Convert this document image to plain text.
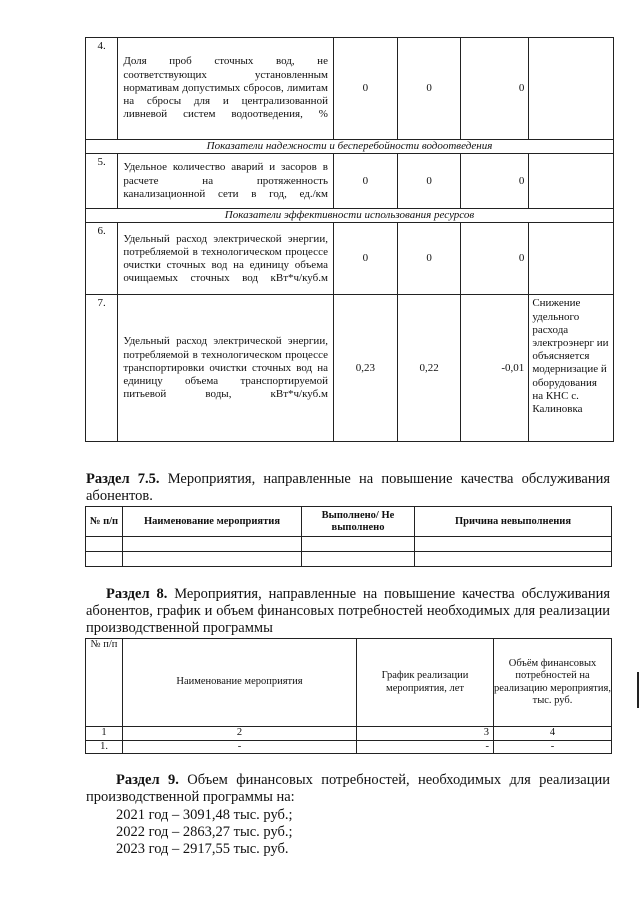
4.	Доля проб сточных вод, не соответствующих установленным нормативам допустимых сбросов, лимитам на сбросы для и централизованной ливневой систем водоотведения, %	0	0	0	
Показатели надежности и бесперебойности водоотведения					
5.	Удельное количество аварий и засоров в расчете на протяженность канализационной сети в год, ед./км	0	0	0	
Показатели эффективности использования ресурсов					
6.	Удельный расход электрической энергии, потребляемой в технологическом процессе очистки сточных вод на единицу объема очищаемых сточных вод кВт*ч/куб.м	0	0	0	
7.	Удельный расход электрической энергии, потребляемой в технологическом процессе транспортировки очистки сточных вод на единицу объема транспортируемой питьевой воды, кВт*ч/куб.м	0,23	0,22	-0,01	Снижение удельного расхода электроэнерг ии объясняется модернизацие й оборудования на КНС с. Калиновка
Раздел 7.5. Мероприятия, направленные на повышение качества обслуживания абонентов.
№ п/п	Наименование мероприятия	Выполнено/ Не выполнено	Причина невыполнения

Раздел 8. Мероприятия, направленные на повышение качества обслуживания абонентов, график и объем финансовых потребностей необходимых для реализации производственной программы
№ п/п	Наименование мероприятия	График реализации мероприятия, лет	Объём финансовых потребностей на реализацию мероприятия, тыс. руб.
1	2	3	4
1.	-	-	-
Раздел 9. Объем финансовых потребностей, необходимых для реализации производственной программы на:
2021 год – 3091,48 тыс. руб.;
2022 год – 2863,27 тыс. руб.;
2023 год – 2917,55 тыс. руб.
